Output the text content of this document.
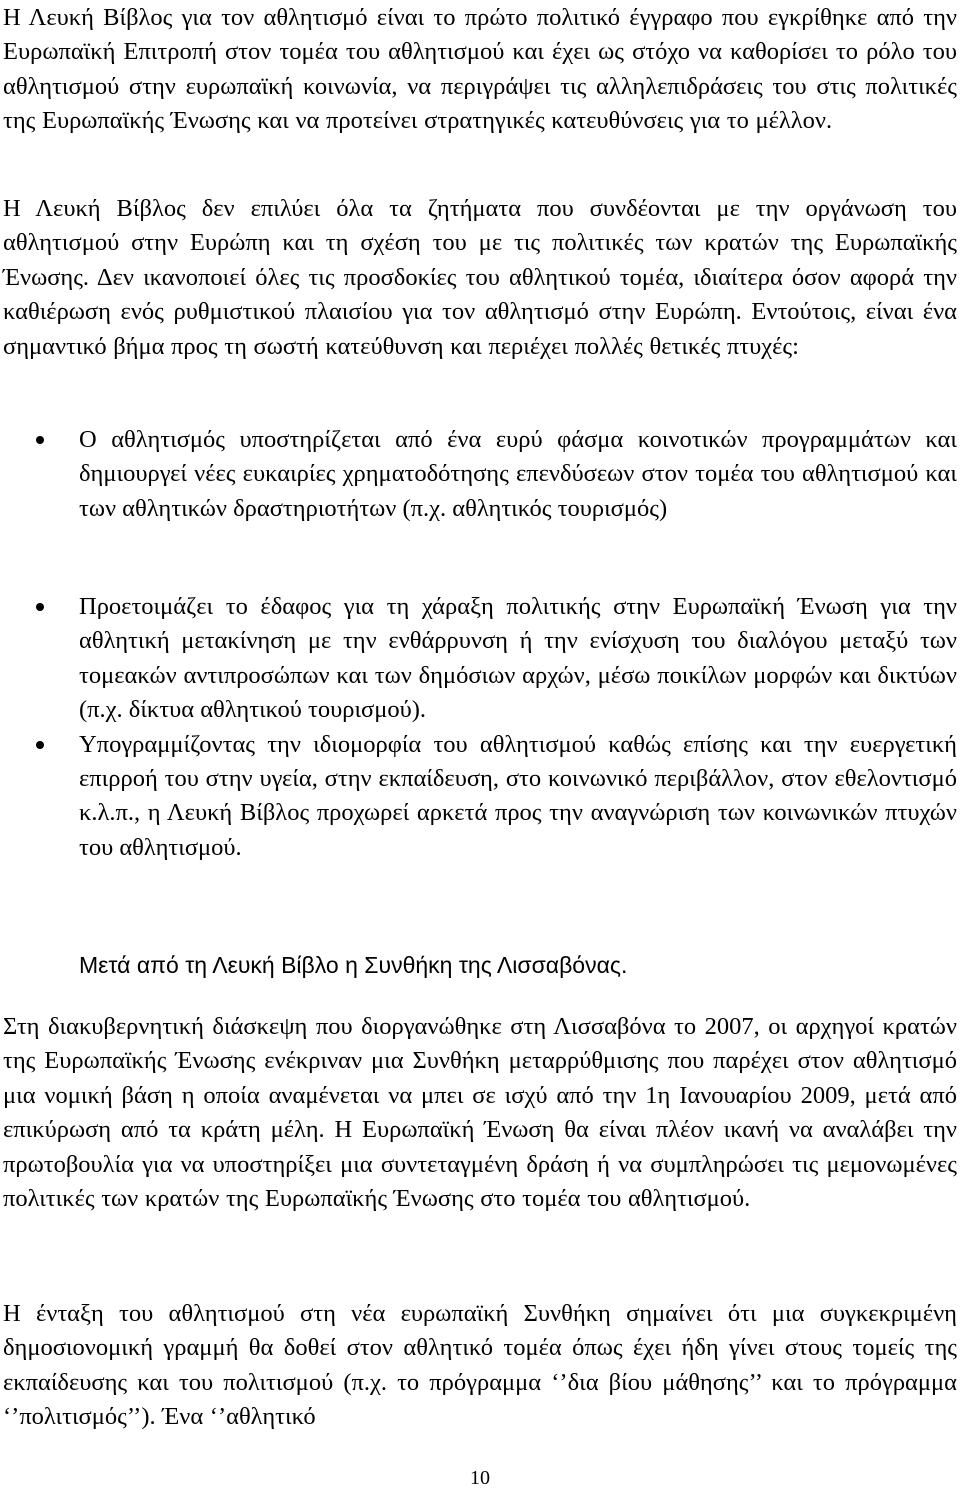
Η Λευκή Βίβλος για τον αθλητισμό είναι το πρώτο πολιτικό έγγραφο που εγκρίθηκε από την Ευρωπαϊκή Επιτροπή στον τομέα του αθλητισμού και έχει ως στόχο να καθορίσει το ρόλο του αθλητισμού στην ευρωπαϊκή κοινωνία, να περιγράψει τις αλληλεπιδράσεις του στις πολιτικές της Ευρωπαϊκής Ένωσης και να προτείνει στρατηγικές κατευθύνσεις για το μέλλον.

Η Λευκή Βίβλος δεν επιλύει όλα τα ζητήματα που συνδέονται με την οργάνωση του αθλητισμού στην Ευρώπη και τη σχέση του με τις πολιτικές των κρατών της Ευρωπαϊκής Ένωσης. Δεν ικανοποιεί όλες τις προσδοκίες του αθλητικού τομέα, ιδιαίτερα όσον αφορά την καθιέρωση ενός ρυθμιστικού πλαισίου για τον αθλητισμό στην Ευρώπη. Εντούτοις, είναι ένα σημαντικό βήμα προς τη σωστή κατεύθυνση και περιέχει πολλές θετικές πτυχές:

Ο αθλητισμός υποστηρίζεται από ένα ευρύ φάσμα κοινοτικών προγραμμάτων και δημιουργεί νέες ευκαιρίες χρηματοδότησης επενδύσεων στον τομέα του αθλητισμού και των αθλητικών δραστηριοτήτων (π.χ. αθλητικός τουρισμός)
Προετοιμάζει το έδαφος για τη χάραξη πολιτικής στην Ευρωπαϊκή Ένωση για την αθλητική μετακίνηση με την ενθάρρυνση ή την ενίσχυση του διαλόγου μεταξύ των τομεακών αντιπροσώπων και των δημόσιων αρχών, μέσω ποικίλων μορφών και δικτύων (π.χ. δίκτυα αθλητικού τουρισμού).
Υπογραμμίζοντας την ιδιομορφία του αθλητισμού καθώς επίσης και την ευεργετική επιρροή του στην υγεία, στην εκπαίδευση, στο κοινωνικό περιβάλλον, στον εθελοντισμό κ.λ.π., η Λευκή Βίβλος προχωρεί αρκετά προς την αναγνώριση των κοινωνικών πτυχών του αθλητισμού.
Μετά από τη Λευκή Βίβλο η Συνθήκη της Λισσαβόνας.

Στη διακυβερνητική διάσκεψη που διοργανώθηκε στη Λισσαβόνα το 2007, οι αρχηγοί κρατών της Ευρωπαϊκής Ένωσης ενέκριναν μια Συνθήκη μεταρρύθμισης που παρέχει στον αθλητισμό μια νομική βάση η οποία αναμένεται να μπει σε ισχύ από την 1η Ιανουαρίου 2009, μετά από επικύρωση από τα κράτη μέλη. Η Ευρωπαϊκή Ένωση θα είναι πλέον ικανή να αναλάβει την πρωτοβουλία για να υποστηρίξει μια συντεταγμένη δράση ή να συμπληρώσει τις μεμονωμένες πολιτικές των κρατών της Ευρωπαϊκής Ένωσης στο τομέα του αθλητισμού.

Η ένταξη του αθλητισμού στη νέα ευρωπαϊκή Συνθήκη σημαίνει ότι μια συγκεκριμένη δημοσιονομική γραμμή θα δοθεί στον αθλητικό τομέα όπως έχει ήδη γίνει στους τομείς της εκπαίδευσης και του πολιτισμού (π.χ. το πρόγραμμα ‘’δια βίου μάθησης’’ και το πρόγραμμα ‘’πολιτισμός’’). Ένα ‘’αθλητικό

10
